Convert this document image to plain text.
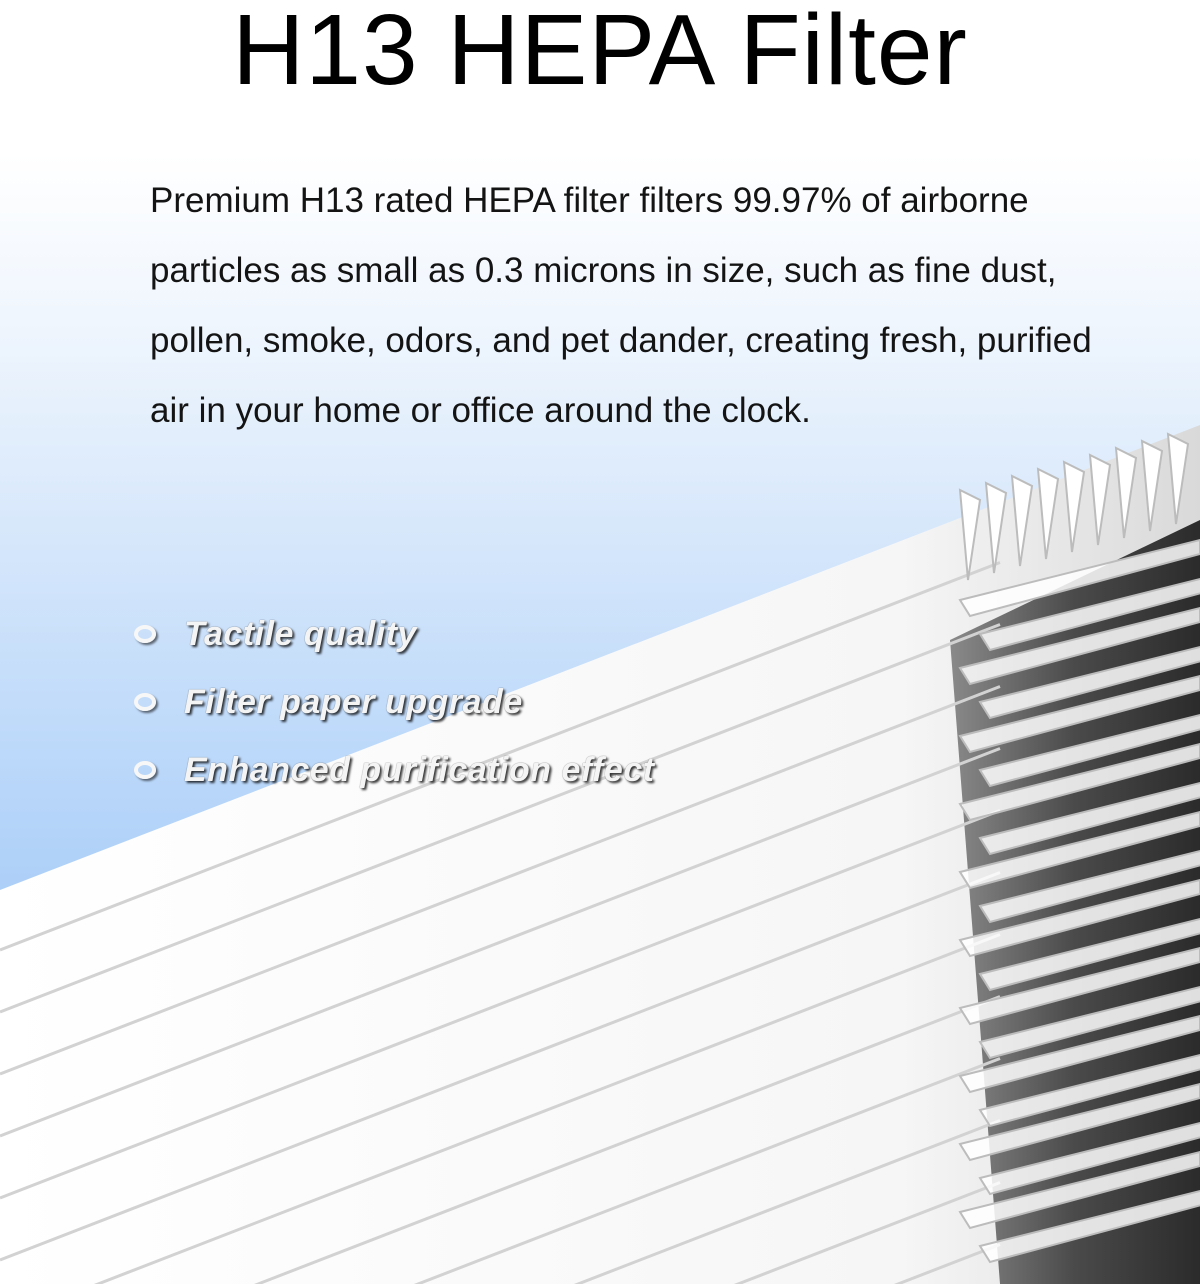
H13 HEPA Filter

Premium H13 rated HEPA filter filters 99.97% of airborne particles as small as 0.3 microns in size, such as fine dust, pollen, smoke, odors, and pet dander, creating fresh, purified air in your home or office around the clock.

Tactile quality
Filter paper upgrade
Enhanced purification effect
